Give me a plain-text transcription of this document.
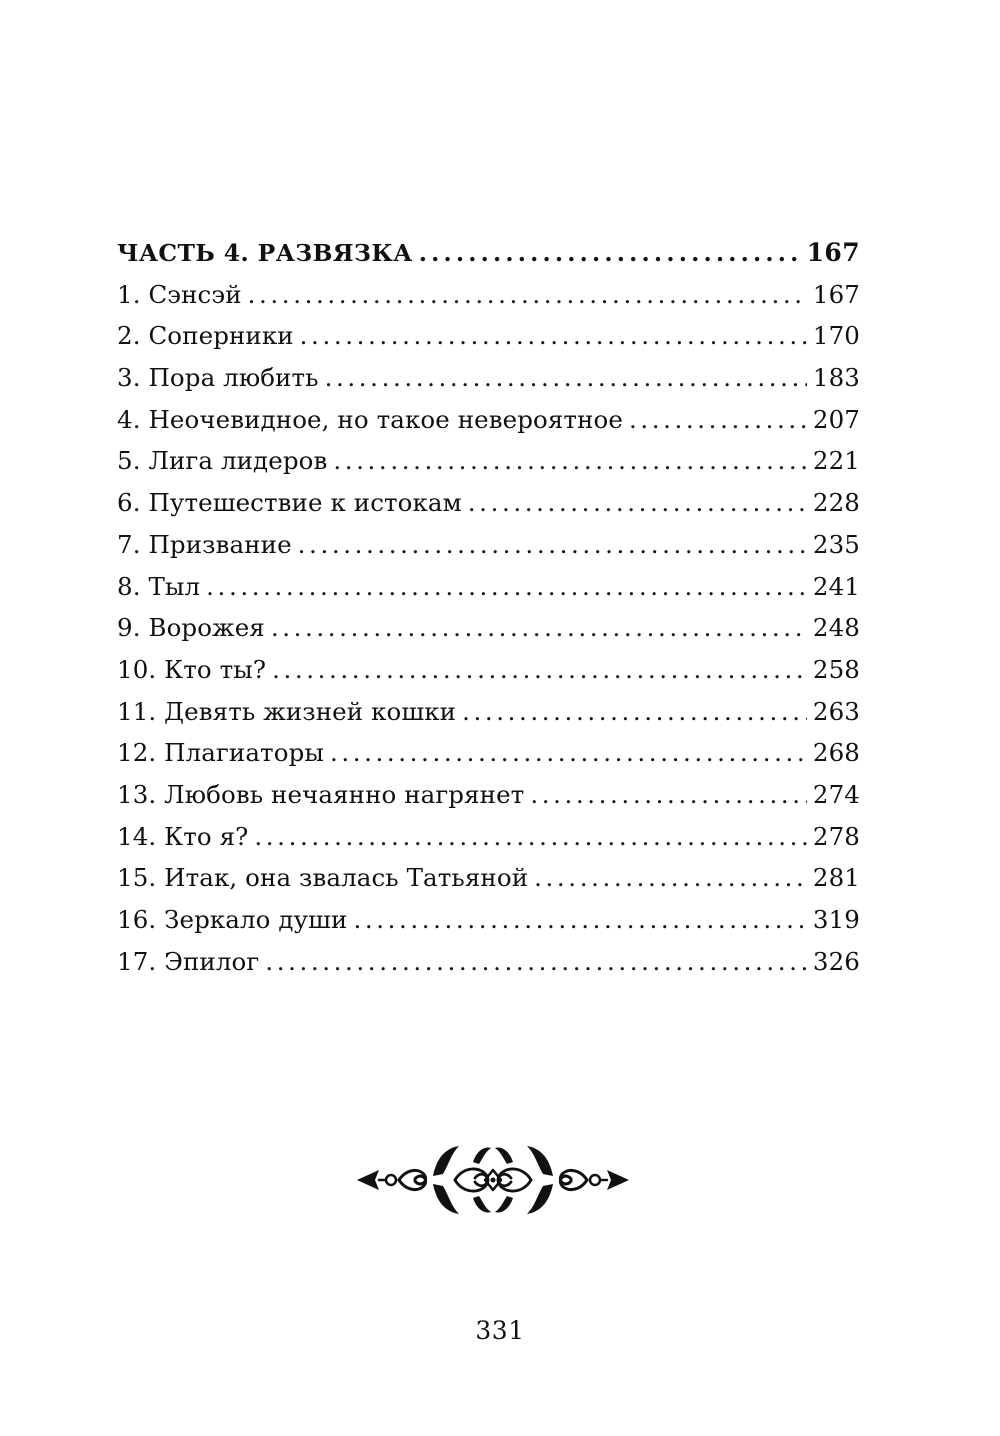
ЧАСТЬ 4. РАЗВЯЗКА .....	167
1. Сэнсэй .....	167
2. Соперники .....	170
3. Пора любить .....	183
4. Неочевидное, но такое невероятное .....	207
5. Лига лидеров .....	221
6. Путешествие к истокам .....	228
7. Призвание .....	235
8. Тыл .....	241
9. Ворожея .....	248
10. Кто ты? .....	258
11. Девять жизней кошки .....	263
12. Плагиаторы .....	268
13. Любовь нечаянно нагрянет .....	274
14. Кто я? .....	278
15. Итак, она звалась Татьяной .....	281
16. Зеркало души .....	319
17. Эпилог .....	326
331
